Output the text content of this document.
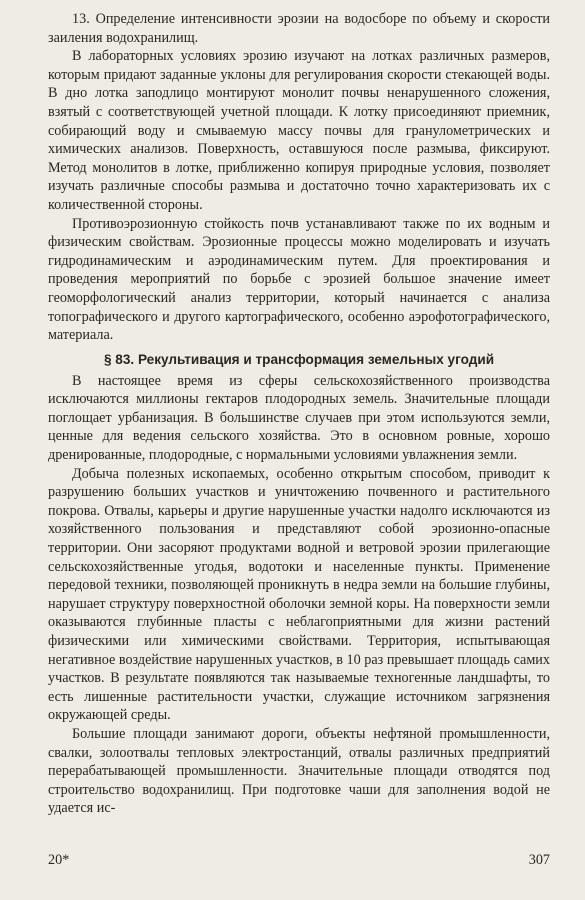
13. Определение интенсивности эрозии на водосборе по объему и скорости заиления водохранилищ.

В лабораторных условиях эрозию изучают на лотках различных размеров, которым придают заданные уклоны для регулирования скорости стекающей воды. В дно лотка заподлицо монтируют монолит почвы ненарушенного сложения, взятый с соответствующей учетной площади. К лотку присоединяют приемник, собирающий воду и смываемую массу почвы для гранулометрических и химических анализов. Поверхность, оставшуюся после размыва, фиксируют. Метод монолитов в лотке, приближенно копируя природные условия, позволяет изучать различные способы размыва и достаточно точно характеризовать их с количественной стороны.

Противоэрозионную стойкость почв устанавливают также по их водным и физическим свойствам. Эрозионные процессы можно моделировать и изучать гидродинамическим и аэродинамическим путем. Для проектирования и проведения мероприятий по борьбе с эрозией большое значение имеет геоморфологический анализ территории, который начинается с анализа топографического и другого картографического, особенно аэрофотографического, материала.

§ 83. Рекультивация и трансформация земельных угодий

В настоящее время из сферы сельскохозяйственного производства исключаются миллионы гектаров плодородных земель. Значительные площади поглощает урбанизация. В большинстве случаев при этом используются земли, ценные для ведения сельского хозяйства. Это в основном ровные, хорошо дренированные, плодородные, с нормальными условиями увлажнения земли.

Добыча полезных ископаемых, особенно открытым способом, приводит к разрушению больших участков и уничтожению почвенного и растительного покрова. Отвалы, карьеры и другие нарушенные участки надолго исключаются из хозяйственного пользования и представляют собой эрозионно-опасные территории. Они засоряют продуктами водной и ветровой эрозии прилегающие сельскохозяйственные угодья, водотоки и населенные пункты. Применение передовой техники, позволяющей проникнуть в недра земли на большие глубины, нарушает структуру поверхностной оболочки земной коры. На поверхности земли оказываются глубинные пласты с неблагоприятными для жизни растений физическими или химическими свойствами. Территория, испытывающая негативное воздействие нарушенных участков, в 10 раз превышает площадь самих участков. В результате появляются так называемые техногенные ландшафты, то есть лишенные растительности участки, служащие источником загрязнения окружающей среды.

Большие площади занимают дороги, объекты нефтяной промышленности, свалки, золоотвалы тепловых электростанций, отвалы различных предприятий перерабатывающей промышленности. Значительные площади отводятся под строительство водохранилищ. При подготовке чаши для заполнения водой не удается ис-

20*	307
